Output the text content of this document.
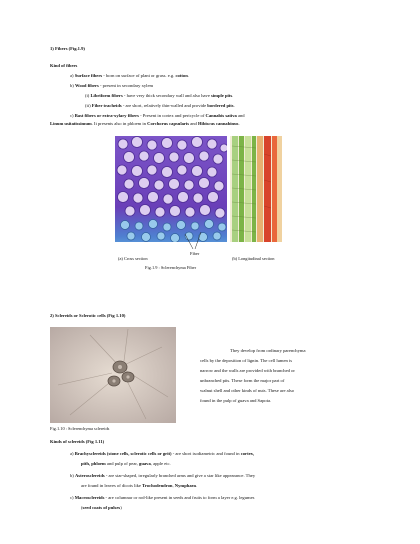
1) Fibers (Fig.1.9)
Kind of fibers
a) Surface fibers - born on surface of plant or grass. e.g. cotton.
b) Wood fibers - present in secondary xylem
(i) Libriform fibers - have very thick secondary wall and also have simple pits.
(ii) Fiber tracheids - are short, relatively thin-walled and provide bordered pits.
c) Bast fibers or extra-xylary fibers - Present in cortex and pericycle of Cannabis sativa and
Linum usitatissimum. It presents also in phloem in Corchorus capsularis and Hibiscus cannabinus.
Fiber
(a) Cross section	(b) Longitudinal section
Fig.1.9 : Sclerenchyma Fiber
2) Sclereids or Sclerotic cells (Fig 1.10)
Fig.1.10 : Sclerenchyma sclereids
They develop from ordinary parenchyma
cells by the deposition of lignin. The cell lumen is
narrow and the walls are provided with branched or
unbranched pits. These form the major part of
walnut shell and other kinds of nuts. These are also
found in the pulp of guava and Sapota.
Kinds of sclereids (Fig 1.11)
a) Brachysclereids (stone cells, sclerotic cells or grit) - are short isodiametric and found in cortex,
pith, phloem and pulp of pear, guava, apple etc.
b) Asterosclereids - are star-shaped, irregularly branched arms and give a star like appearance. They
are found in leaves of dicots like Trochodendron, Nymphaea.
c) Macrosclereids - are columnar or rod-like present in seeds and fruits to form a layer e.g. legumes
(seed coats of pulses)
